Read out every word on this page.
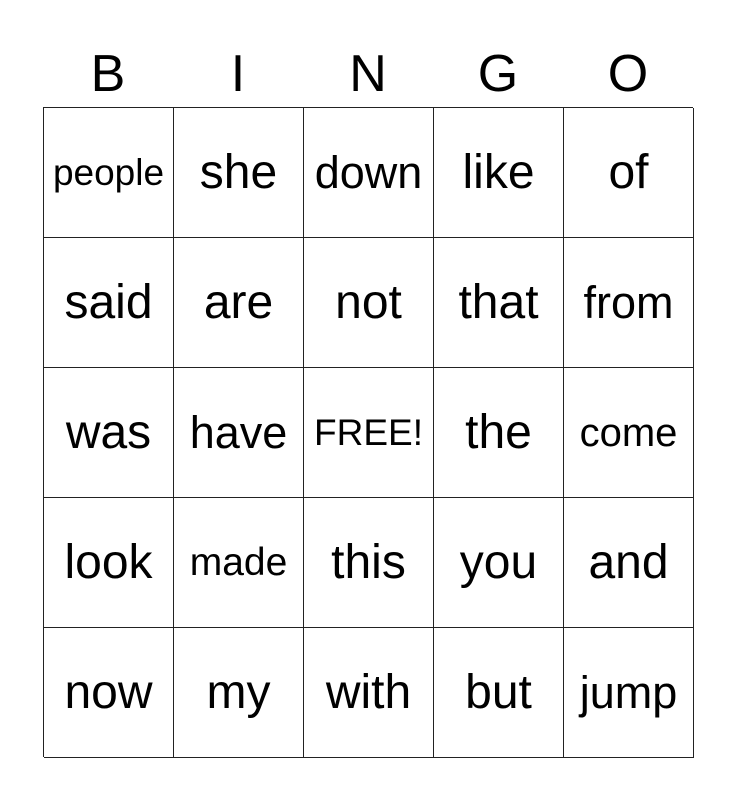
B	I	N	G	O
people she down like of
said are not that from
was have FREE! the come
look made this you and
now my with but jump
